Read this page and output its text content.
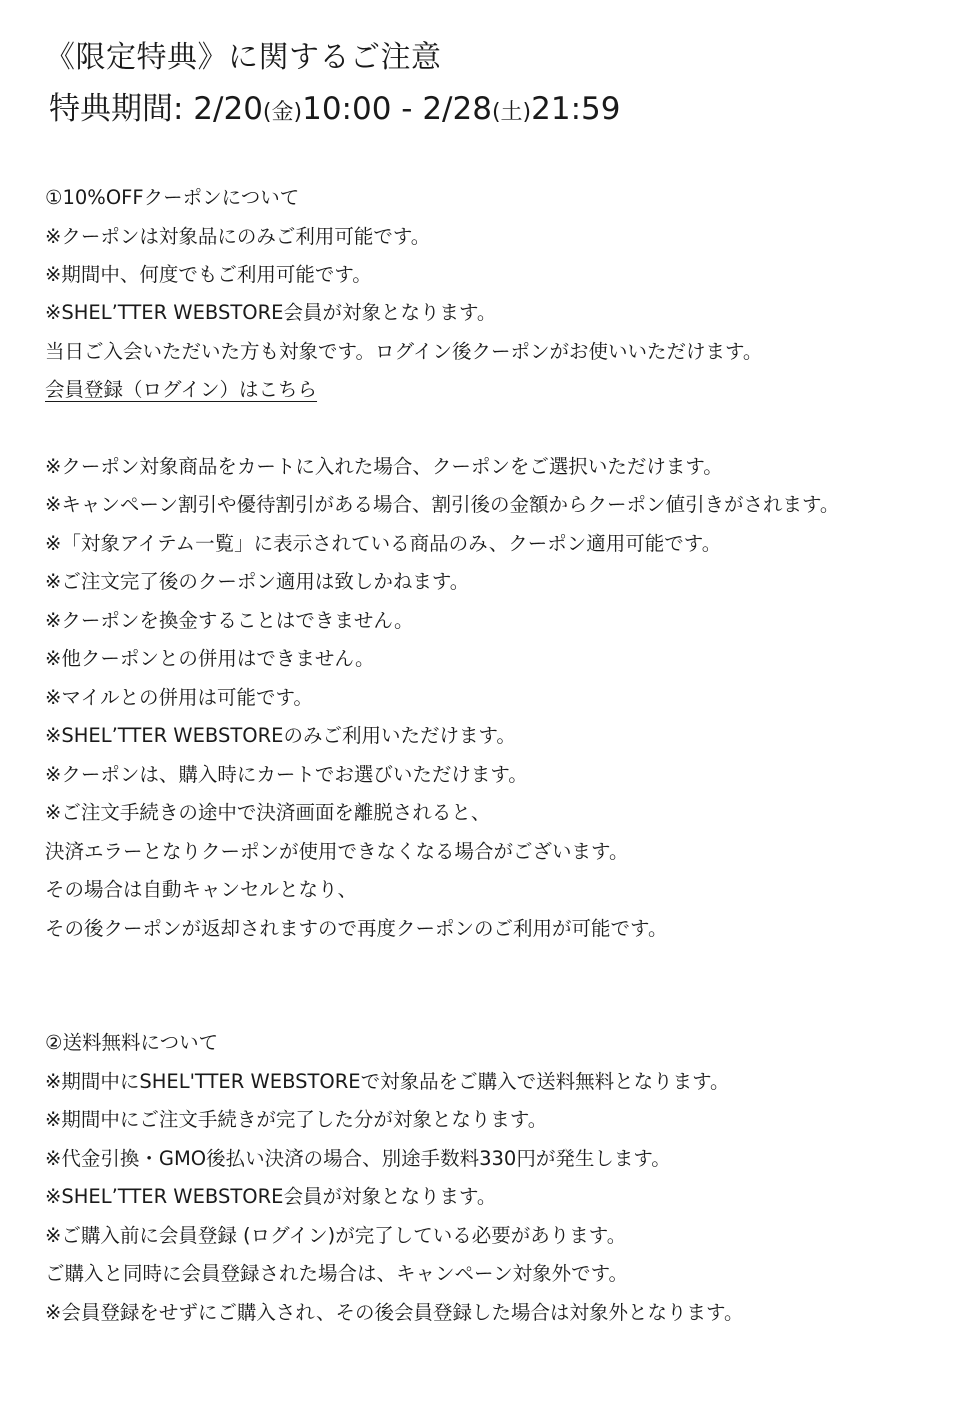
《限定特典》に関するご注意
特典期間: 2/20(金)10:00 - 2/28(土)21:59
①10%OFFクーポンについて
※クーポンは対象品にのみご利用可能です。
※期間中、何度でもご利用可能です。
※SHEL’TTER WEBSTORE会員が対象となります。
当日ご入会いただいた方も対象です。ログイン後クーポンがお使いいただけます。
会員登録（ログイン）はこちら
※クーポン対象商品をカートに入れた場合、クーポンをご選択いただけます。
※キャンペーン割引や優待割引がある場合、割引後の金額からクーポン値引きがされます。
※「対象アイテム一覧」に表示されている商品のみ、クーポン適用可能です。
※ご注文完了後のクーポン適用は致しかねます。
※クーポンを換金することはできません。
※他クーポンとの併用はできません。
※マイルとの併用は可能です。
※SHEL’TTER WEBSTOREのみご利用いただけます。
※クーポンは、購入時にカートでお選びいただけます。
※ご注文手続きの途中で決済画面を離脱されると、
決済エラーとなりクーポンが使用できなくなる場合がございます。
その場合は自動キャンセルとなり、
その後クーポンが返却されますので再度クーポンのご利用が可能です。
②送料無料について
※期間中にSHEL'TTER WEBSTOREで対象品をご購入で送料無料となります。
※期間中にご注文手続きが完了した分が対象となります。
※代金引換・GMO後払い決済の場合、別途手数料330円が発生します。
※SHEL’TTER WEBSTORE会員が対象となります。
※ご購入前に会員登録 (ログイン)が完了している必要があります。
ご購入と同時に会員登録された場合は、キャンペーン対象外です。
※会員登録をせずにご購入され、その後会員登録した場合は対象外となります。
